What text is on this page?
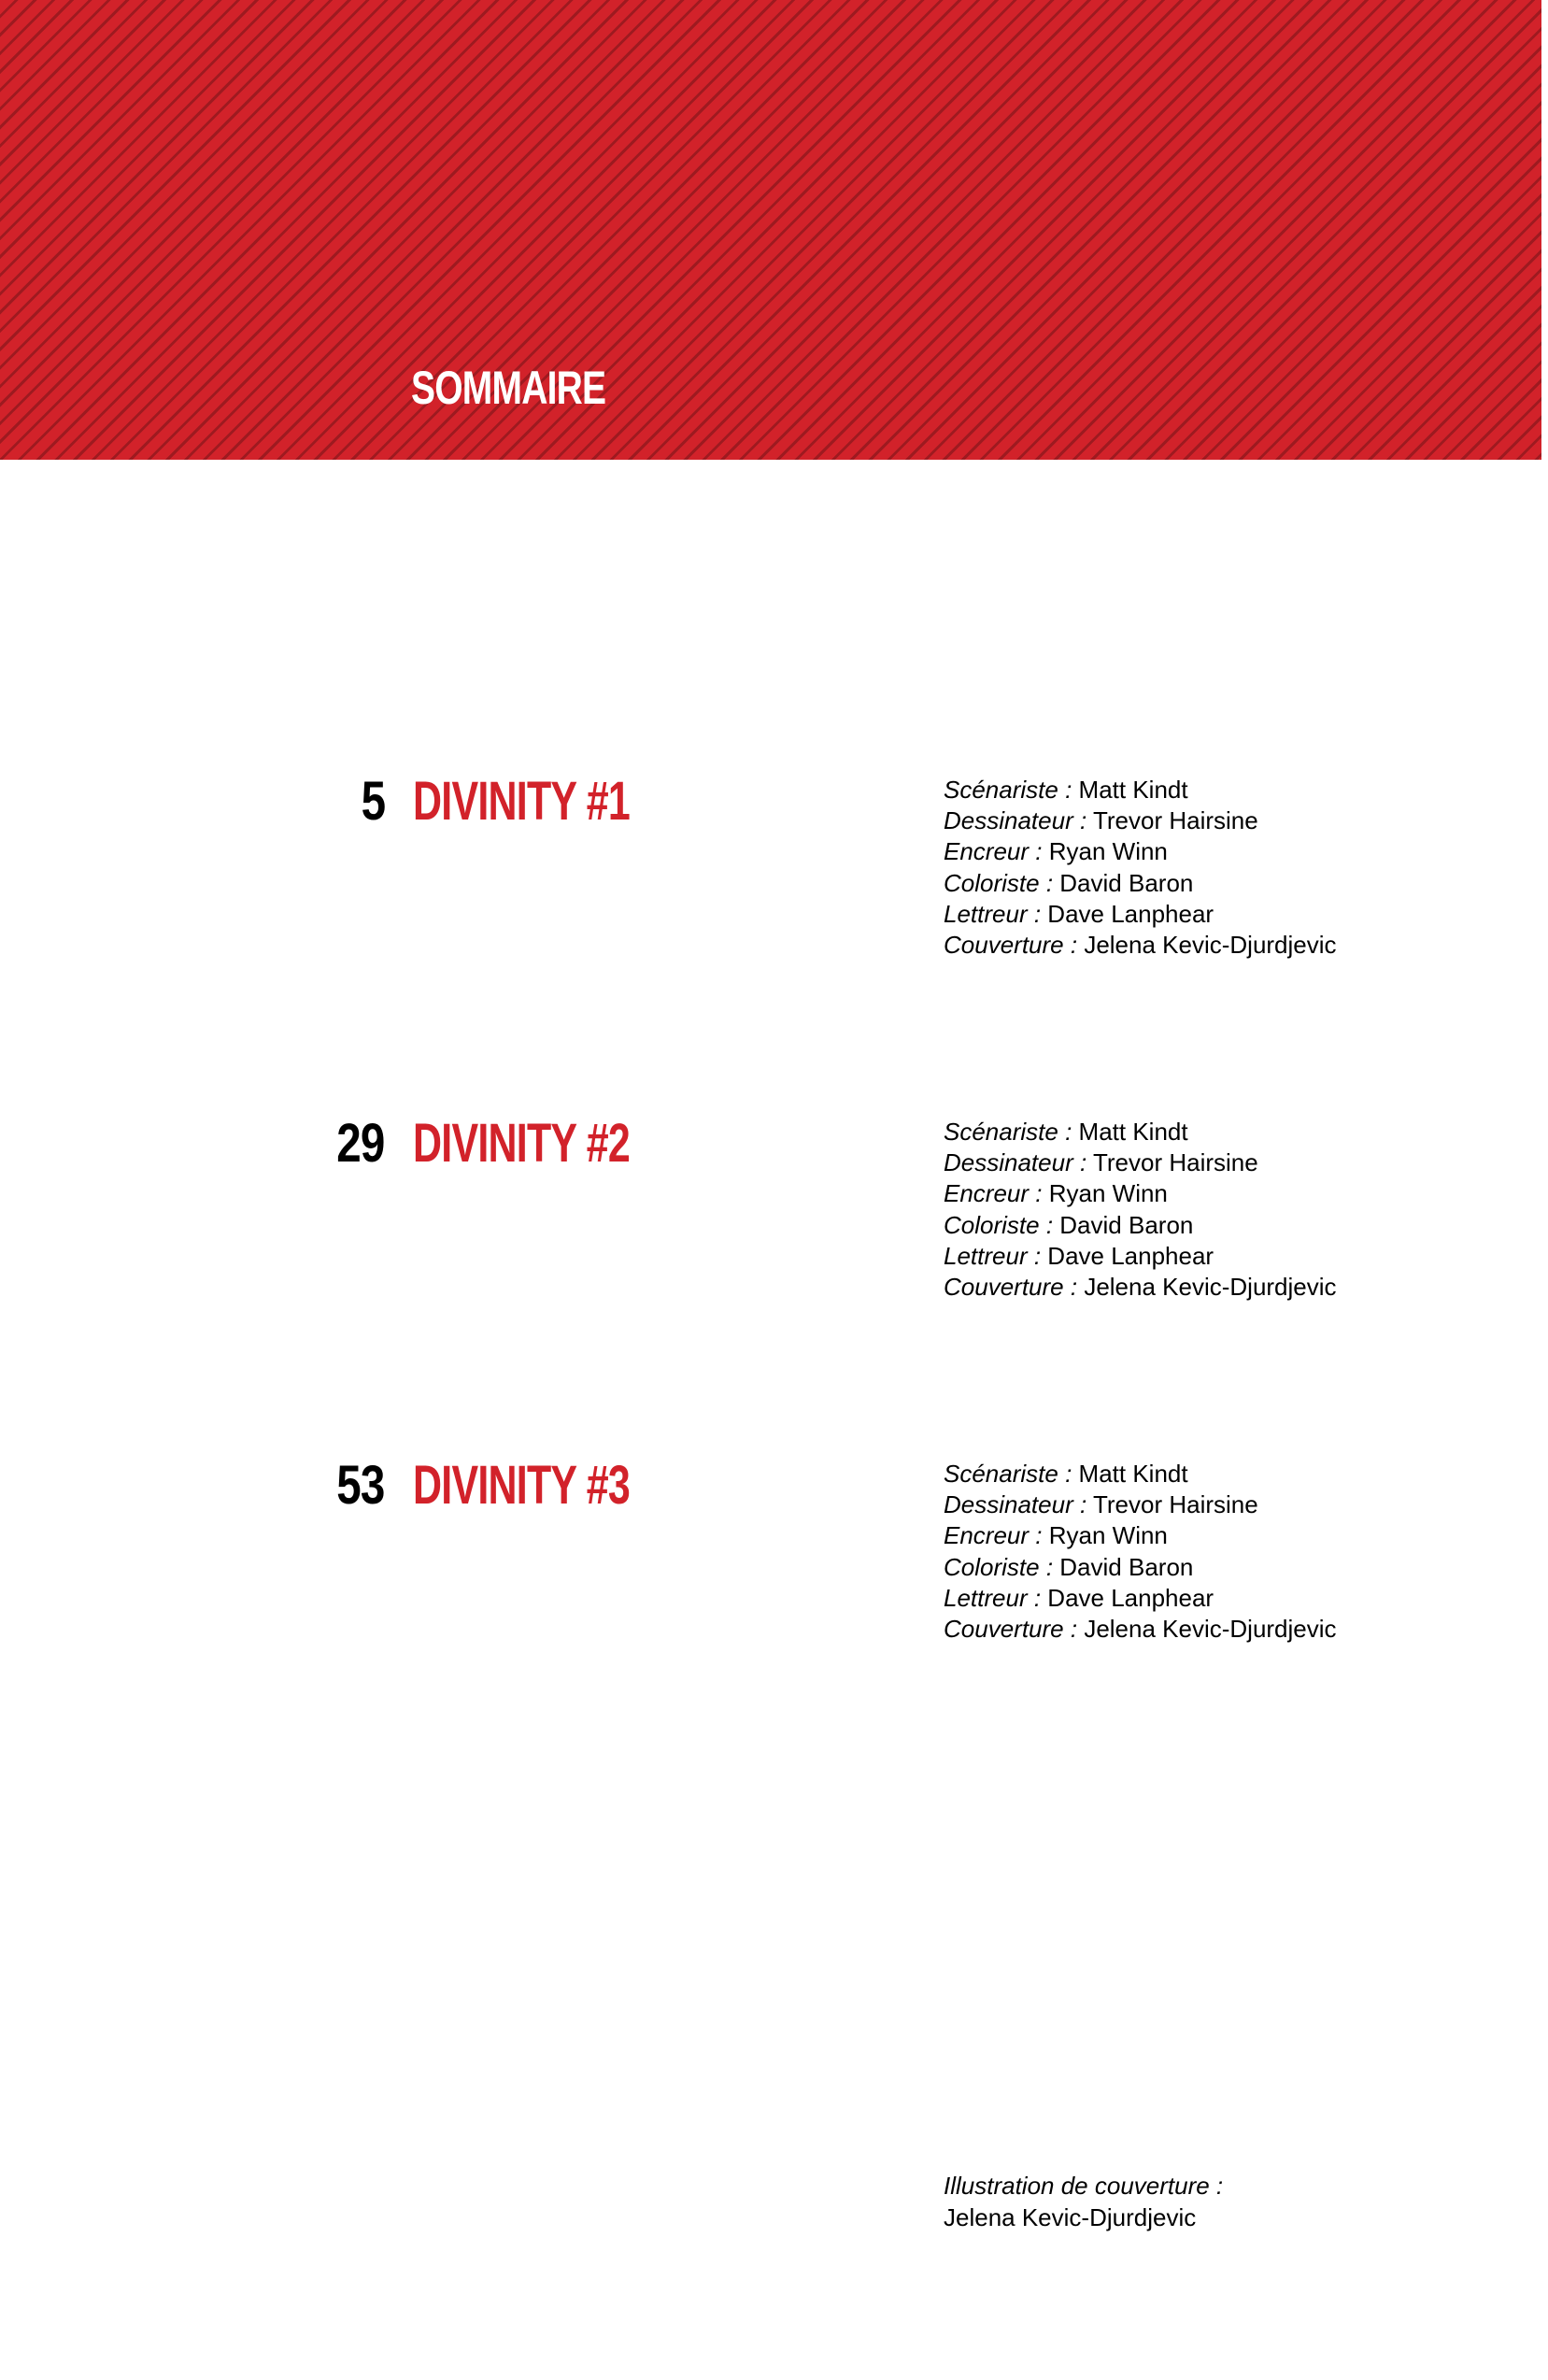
SOMMAIRE
5 DIVINITY #1	Scénariste : Matt Kindt
Dessinateur : Trevor Hairsine
Encreur : Ryan Winn
Coloriste : David Baron
Lettreur : Dave Lanphear
Couverture : Jelena Kevic-Djurdjevic
29 DIVINITY #2	Scénariste : Matt Kindt
Dessinateur : Trevor Hairsine
Encreur : Ryan Winn
Coloriste : David Baron
Lettreur : Dave Lanphear
Couverture : Jelena Kevic-Djurdjevic
53 DIVINITY #3	Scénariste : Matt Kindt
Dessinateur : Trevor Hairsine
Encreur : Ryan Winn
Coloriste : David Baron
Lettreur : Dave Lanphear
Couverture : Jelena Kevic-Djurdjevic
Illustration de couverture :
Jelena Kevic-Djurdjevic
